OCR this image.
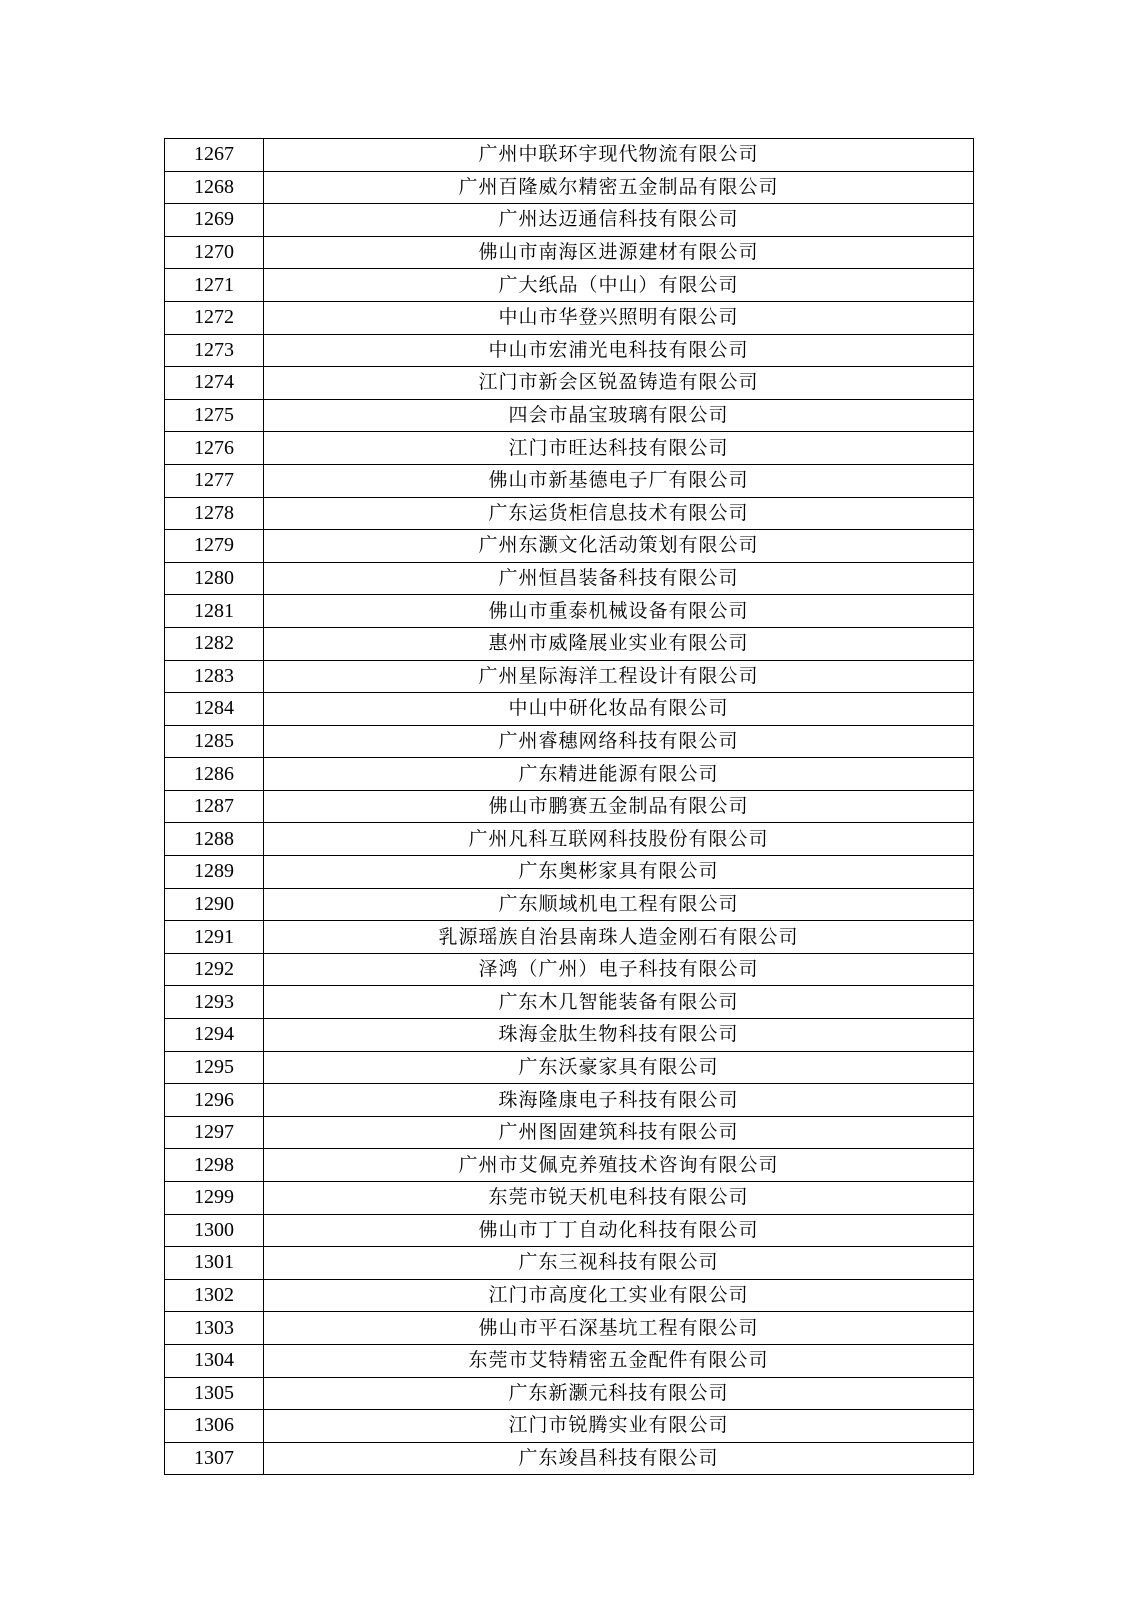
1267	广州中联环宇现代物流有限公司
1268	广州百隆威尔精密五金制品有限公司
1269	广州达迈通信科技有限公司
1270	佛山市南海区进源建材有限公司
1271	广大纸品（中山）有限公司
1272	中山市华登兴照明有限公司
1273	中山市宏浦光电科技有限公司
1274	江门市新会区锐盈铸造有限公司
1275	四会市晶宝玻璃有限公司
1276	江门市旺达科技有限公司
1277	佛山市新基德电子厂有限公司
1278	广东运货柜信息技术有限公司
1279	广州东灏文化活动策划有限公司
1280	广州恒昌装备科技有限公司
1281	佛山市重泰机械设备有限公司
1282	惠州市威隆展业实业有限公司
1283	广州星际海洋工程设计有限公司
1284	中山中研化妆品有限公司
1285	广州睿穗网络科技有限公司
1286	广东精进能源有限公司
1287	佛山市鹏赛五金制品有限公司
1288	广州凡科互联网科技股份有限公司
1289	广东奥彬家具有限公司
1290	广东顺域机电工程有限公司
1291	乳源瑶族自治县南珠人造金刚石有限公司
1292	泽鸿（广州）电子科技有限公司
1293	广东木几智能装备有限公司
1294	珠海金肽生物科技有限公司
1295	广东沃豪家具有限公司
1296	珠海隆康电子科技有限公司
1297	广州图固建筑科技有限公司
1298	广州市艾佩克养殖技术咨询有限公司
1299	东莞市锐天机电科技有限公司
1300	佛山市丁丁自动化科技有限公司
1301	广东三视科技有限公司
1302	江门市高度化工实业有限公司
1303	佛山市平石深基坑工程有限公司
1304	东莞市艾特精密五金配件有限公司
1305	广东新灏元科技有限公司
1306	江门市锐腾实业有限公司
1307	广东竣昌科技有限公司
